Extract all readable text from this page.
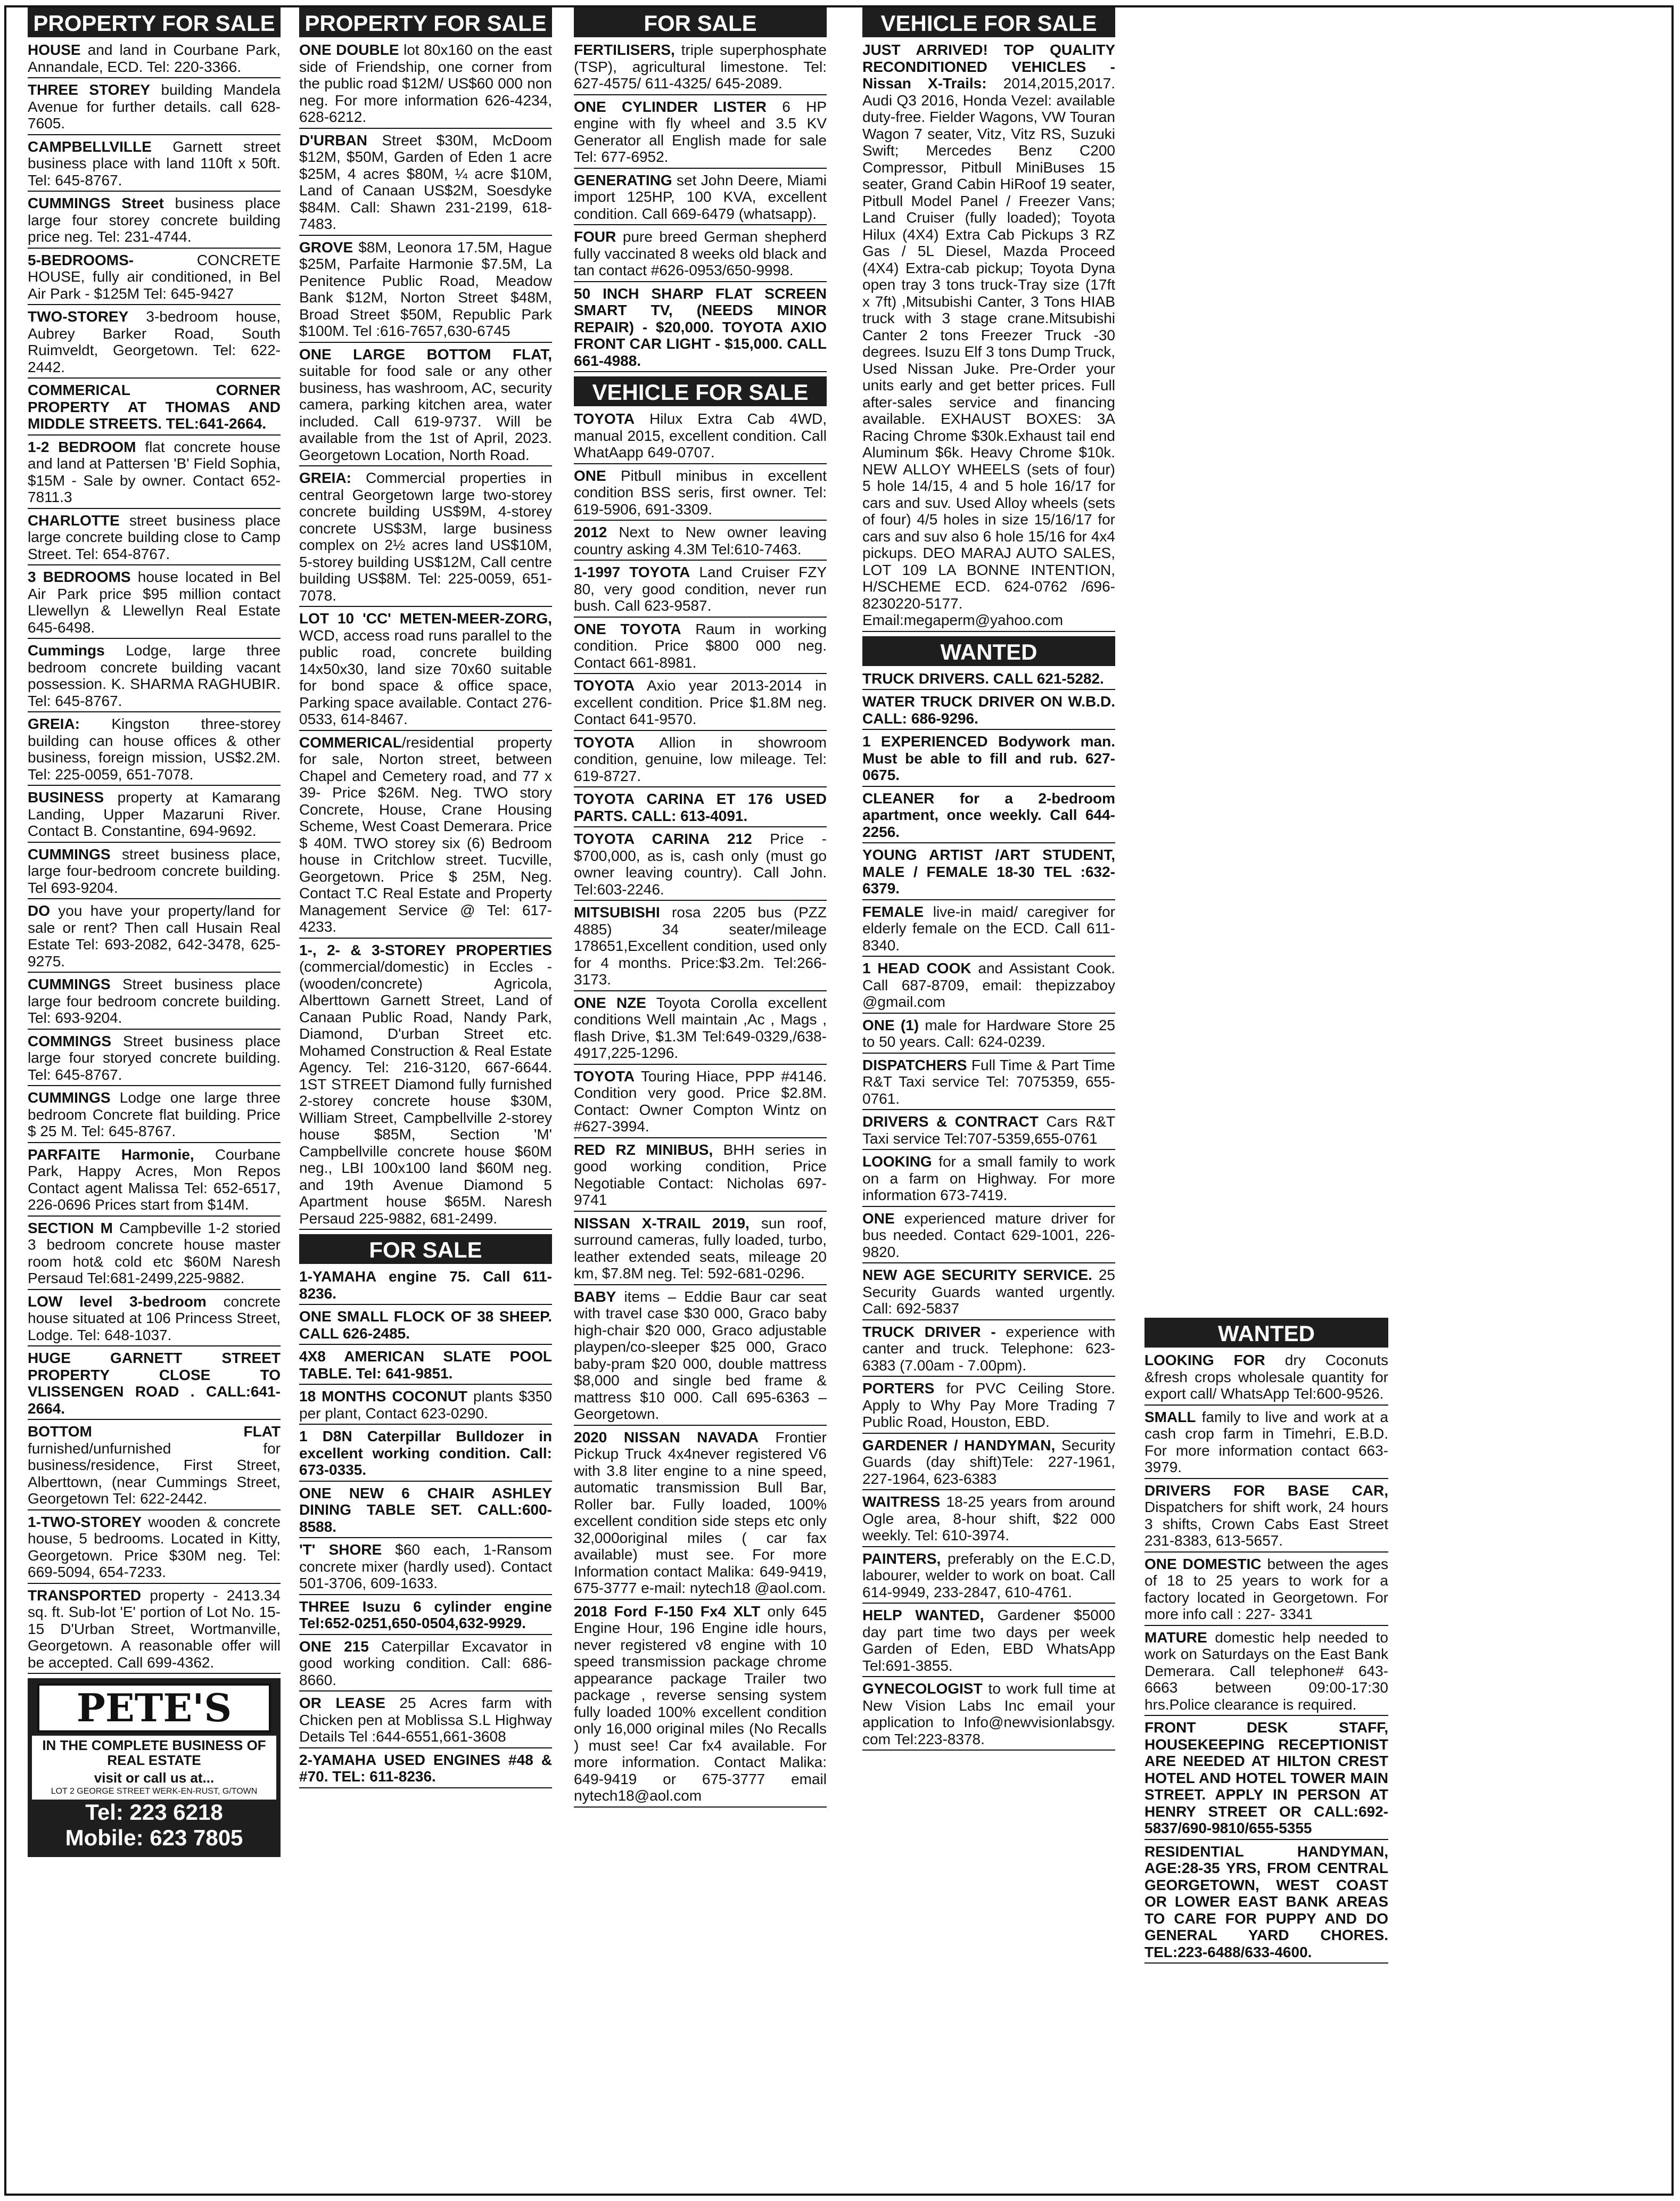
PROPERTY FOR SALE
HOUSE and land in Courbane Park, Annandale, ECD. Tel: 220-3366.
THREE STOREY building Mandela Avenue for further details. call 628-7605.
CAMPBELLVILLE Garnett street business place with land 110ft x 50ft. Tel: 645-8767.
CUMMINGS Street business place large four storey concrete building price neg. Tel: 231-4744.
5-BEDROOMS- CONCRETE HOUSE, fully air conditioned, in Bel Air Park - $125M Tel: 645-9427
TWO-STOREY 3-bedroom house, Aubrey Barker Road, South Ruimveldt, Georgetown. Tel: 622-2442.
COMMERICAL CORNER PROPERTY AT THOMAS AND MIDDLE STREETS. TEL:641-2664.
1-2 BEDROOM flat concrete house and land at Pattersen 'B' Field Sophia, $15M - Sale by owner. Contact 652-7811.3
CHARLOTTE street business place large concrete building close to Camp Street. Tel: 654-8767.
3 BEDROOMS house located in Bel Air Park price $95 million contact Llewellyn & Llewellyn Real Estate 645-6498.
Cummings Lodge, large three bedroom concrete building vacant possession. K. SHARMA RAGHUBIR. Tel: 645-8767.
GREIA: Kingston three-storey building can house offices & other business, foreign mission, US$2.2M. Tel: 225-0059, 651-7078.
BUSINESS property at Kamarang Landing, Upper Mazaruni River. Contact B. Constantine, 694-9692.
CUMMINGS street business place, large four-bedroom concrete building. Tel 693-9204.
DO you have your property/land for sale or rent? Then call Husain Real Estate Tel: 693-2082, 642-3478, 625-9275.
CUMMINGS Street business place large four bedroom concrete building. Tel: 693-9204.
COMMINGS Street business place large four storyed concrete building. Tel: 645-8767.
CUMMINGS Lodge one large three bedroom Concrete flat building. Price $ 25 M. Tel: 645-8767.
PARFAITE Harmonie, Courbane Park, Happy Acres, Mon Repos Contact agent Malissa Tel: 652-6517, 226-0696 Prices start from $14M.
SECTION M Campbeville 1-2 storied 3 bedroom concrete house master room hot& cold etc $60M Naresh Persaud Tel:681-2499,225-9882.
LOW level 3-bedroom concrete house situated at 106 Princess Street, Lodge. Tel: 648-1037.
HUGE GARNETT STREET PROPERTY CLOSE TO VLISSENGEN ROAD . CALL:641-2664.
BOTTOM FLAT furnished/unfurnished for business/residence, First Street, Alberttown, (near Cummings Street, Georgetown Tel: 622-2442.
1-TWO-STOREY wooden & concrete house, 5 bedrooms. Located in Kitty, Georgetown. Price $30M neg. Tel: 669-5094, 654-7233.
TRANSPORTED property - 2413.34 sq. ft. Sub-lot 'E' portion of Lot No. 15-15 D'Urban Street, Wortmanville, Georgetown. A reasonable offer will be accepted. Call 699-4362.
PETE'S
IN THE COMPLETE BUSINESS OF REAL ESTATE
visit or call us at...
LOT 2 GEORGE STREET WERK-EN-RUST, G/TOWN
Tel: 223 6218
Mobile: 623 7805
PROPERTY FOR SALE
ONE DOUBLE lot 80x160 on the east side of Friendship, one corner from the public road $12M/ US$60 000 non neg. For more information 626-4234, 628-6212.
D'URBAN Street $30M, McDoom $12M, $50M, Garden of Eden 1 acre $25M, 4 acres $80M, ¼ acre $10M, Land of Canaan US$2M, Soesdyke $84M. Call: Shawn 231-2199, 618-7483.
GROVE $8M, Leonora 17.5M, Hague $25M, Parfaite Harmonie $7.5M, La Penitence Public Road, Meadow Bank $12M, Norton Street $48M, Broad Street $50M, Republic Park $100M. Tel :616-7657,630-6745
ONE LARGE BOTTOM FLAT, suitable for food sale or any other business, has washroom, AC, security camera, parking kitchen area, water included. Call 619-9737. Will be available from the 1st of April, 2023. Georgetown Location, North Road.
GREIA: Commercial properties in central Georgetown large two-storey concrete building US$9M, 4-storey concrete US$3M, large business complex on 2½ acres land US$10M, 5-storey building US$12M, Call centre building US$8M. Tel: 225-0059, 651-7078.
LOT 10 'CC' METEN-MEER-ZORG, WCD, access road runs parallel to the public road, concrete building 14x50x30, land size 70x60 suitable for bond space & office space, Parking space available. Contact 276-0533, 614-8467.
COMMERICAL/residential property for sale, Norton street, between Chapel and Cemetery road, and 77 x 39- Price $26M. Neg. TWO story Concrete, House, Crane Housing Scheme, West Coast Demerara. Price $ 40M. TWO storey six (6) Bedroom house in Critchlow street. Tucville, Georgetown. Price $ 25M, Neg. Contact T.C Real Estate and Property Management Service @ Tel: 617-4233.
1-, 2- & 3-STOREY PROPERTIES (commercial/domestic) in Eccles - (wooden/concrete) Agricola, Alberttown Garnett Street, Land of Canaan Public Road, Nandy Park, Diamond, D'urban Street etc. Mohamed Construction & Real Estate Agency. Tel: 216-3120, 667-6644. 1ST STREET Diamond fully furnished 2-storey concrete house $30M, William Street, Campbellville 2-storey house $85M, Section 'M' Campbellville concrete house $60M neg., LBI 100x100 land $60M neg. and 19th Avenue Diamond 5 Apartment house $65M. Naresh Persaud 225-9882, 681-2499.
FOR SALE
1-YAMAHA engine 75. Call 611-8236.
ONE SMALL FLOCK OF 38 SHEEP. CALL 626-2485.
4X8 AMERICAN SLATE POOL TABLE. Tel: 641-9851.
18 MONTHS COCONUT plants $350 per plant, Contact 623-0290.
1 D8N Caterpillar Bulldozer in excellent working condition. Call: 673-0335.
ONE NEW 6 CHAIR ASHLEY DINING TABLE SET. CALL:600-8588.
'T' SHORE $60 each, 1-Ransom concrete mixer (hardly used). Contact 501-3706, 609-1633.
THREE Isuzu 6 cylinder engine Tel:652-0251,650-0504,632-9929.
ONE 215 Caterpillar Excavator in good working condition. Call: 686-8660.
OR LEASE 25 Acres farm with Chicken pen at Moblissa S.L Highway Details Tel :644-6551,661-3608
2-YAMAHA USED ENGINES #48 & #70. TEL: 611-8236.
FOR SALE
FERTILISERS, triple superphosphate (TSP), agricultural limestone. Tel: 627-4575/ 611-4325/ 645-2089.
ONE CYLINDER LISTER 6 HP engine with fly wheel and 3.5 KV Generator all English made for sale Tel: 677-6952.
GENERATING set John Deere, Miami import 125HP, 100 KVA, excellent condition. Call 669-6479 (whatsapp).
FOUR pure breed German shepherd fully vaccinated 8 weeks old black and tan contact #626-0953/650-9998.
50 INCH SHARP FLAT SCREEN SMART TV, (NEEDS MINOR REPAIR) - $20,000. TOYOTA AXIO FRONT CAR LIGHT - $15,000. CALL 661-4988.
VEHICLE FOR SALE
TOYOTA Hilux Extra Cab 4WD, manual 2015, excellent condition. Call WhatAapp 649-0707.
ONE Pitbull minibus in excellent condition BSS seris, first owner. Tel: 619-5906, 691-3309.
2012 Next to New owner leaving country asking 4.3M Tel:610-7463.
1-1997 TOYOTA Land Cruiser FZY 80, very good condition, never run bush. Call 623-9587.
ONE TOYOTA Raum in working condition. Price $800 000 neg. Contact 661-8981.
TOYOTA Axio year 2013-2014 in excellent condition. Price $1.8M neg. Contact 641-9570.
TOYOTA Allion in showroom condition, genuine, low mileage. Tel: 619-8727.
TOYOTA CARINA ET 176 USED PARTS. CALL: 613-4091.
TOYOTA CARINA 212 Price - $700,000, as is, cash only (must go owner leaving country). Call John. Tel:603-2246.
MITSUBISHI rosa 2205 bus (PZZ 4885) 34 seater/mileage 178651,Excellent condition, used only for 4 months. Price:$3.2m. Tel:266-3173.
ONE NZE Toyota Corolla excellent conditions Well maintain ,Ac , Mags , flash Drive, $1.3M Tel:649-0329,/638-4917,225-1296.
TOYOTA Touring Hiace, PPP #4146. Condition very good. Price $2.8M. Contact: Owner Compton Wintz on #627-3994.
RED RZ MINIBUS, BHH series in good working condition, Price Negotiable Contact: Nicholas 697-9741
NISSAN X-TRAIL 2019, sun roof, surround cameras, fully loaded, turbo, leather extended seats, mileage 20 km, $7.8M neg. Tel: 592-681-0296.
BABY items – Eddie Baur car seat with travel case $30 000, Graco baby high-chair $20 000, Graco adjustable playpen/co-sleeper $25 000, Graco baby-pram $20 000, double mattress $8,000 and single bed frame & mattress $10 000. Call 695-6363 – Georgetown.
2020 NISSAN NAVADA Frontier Pickup Truck 4x4never registered V6 with 3.8 liter engine to a nine speed, automatic transmission Bull Bar, Roller bar. Fully loaded, 100% excellent condition side steps etc only 32,000original miles ( car fax available) must see. For more Information contact Malika: 649-9419, 675-3777 e-mail: nytech18 @aol.com.
2018 Ford F-150 Fx4 XLT only 645 Engine Hour, 196 Engine idle hours, never registered v8 engine with 10 speed transmission package chrome appearance package Trailer two package , reverse sensing system fully loaded 100% excellent condition only 16,000 original miles (No Recalls ) must see! Car fx4 available. For more information. Contact Malika: 649-9419 or 675-3777 email nytech18@aol.com
VEHICLE FOR SALE
JUST ARRIVED! TOP QUALITY RECONDITIONED VEHICLES - Nissan X-Trails: 2014,2015,2017. Audi Q3 2016, Honda Vezel: available duty-free. Fielder Wagons, VW Touran Wagon 7 seater, Vitz, Vitz RS, Suzuki Swift; Mercedes Benz C200 Compressor, Pitbull MiniBuses 15 seater, Grand Cabin HiRoof 19 seater, Pitbull Model Panel / Freezer Vans; Land Cruiser (fully loaded); Toyota Hilux (4X4) Extra Cab Pickups 3 RZ Gas / 5L Diesel, Mazda Proceed (4X4) Extra-cab pickup; Toyota Dyna open tray 3 tons truck-Tray size (17ft x 7ft) ,Mitsubishi Canter, 3 Tons HIAB truck with 3 stage crane.Mitsubishi Canter 2 tons Freezer Truck -30 degrees. Isuzu Elf 3 tons Dump Truck, Used Nissan Juke. Pre-Order your units early and get better prices. Full after-sales service and financing available. EXHAUST BOXES: 3A Racing Chrome $30k.Exhaust tail end Aluminum $6k. Heavy Chrome $10k. NEW ALLOY WHEELS (sets of four) 5 hole 14/15, 4 and 5 hole 16/17 for cars and suv. Used Alloy wheels (sets of four) 4/5 holes in size 15/16/17 for cars and suv also 6 hole 15/16 for 4x4 pickups. DEO MARAJ AUTO SALES, LOT 109 LA BONNE INTENTION, H/SCHEME ECD. 624-0762 /696-8230220-5177. Email:megaperm@yahoo.com
WANTED
TRUCK DRIVERS. CALL 621-5282.
WATER TRUCK DRIVER ON W.B.D. CALL: 686-9296.
1 EXPERIENCED Bodywork man. Must be able to fill and rub. 627-0675.
CLEANER for a 2-bedroom apartment, once weekly. Call 644-2256.
YOUNG ARTIST /ART STUDENT, MALE / FEMALE 18-30 TEL :632-6379.
FEMALE live-in maid/ caregiver for elderly female on the ECD. Call 611-8340.
1 HEAD COOK and Assistant Cook. Call 687-8709, email: thepizzaboy @gmail.com
ONE (1) male for Hardware Store 25 to 50 years. Call: 624-0239.
DISPATCHERS Full Time & Part Time R&T Taxi service Tel: 7075359, 655-0761.
DRIVERS & CONTRACT Cars R&T Taxi service Tel:707-5359,655-0761
LOOKING for a small family to work on a farm on Highway. For more information 673-7419.
ONE experienced mature driver for bus needed. Contact 629-1001, 226-9820.
NEW AGE SECURITY SERVICE. 25 Security Guards wanted urgently. Call: 692-5837
TRUCK DRIVER - experience with canter and truck. Telephone: 623-6383 (7.00am - 7.00pm).
PORTERS for PVC Ceiling Store. Apply to Why Pay More Trading 7 Public Road, Houston, EBD.
GARDENER / HANDYMAN, Security Guards (day shift)Tele: 227-1961, 227-1964, 623-6383
WAITRESS 18-25 years from around Ogle area, 8-hour shift, $22 000 weekly. Tel: 610-3974.
PAINTERS, preferably on the E.C.D, labourer, welder to work on boat. Call 614-9949, 233-2847, 610-4761.
HELP WANTED, Gardener $5000 day part time two days per week Garden of Eden, EBD WhatsApp Tel:691-3855.
GYNECOLOGIST to work full time at New Vision Labs Inc email your application to Info@newvisionlabsgy. com Tel:223-8378.
WANTED
LOOKING FOR dry Coconuts &fresh crops wholesale quantity for export call/ WhatsApp Tel:600-9526.
SMALL family to live and work at a cash crop farm in Timehri, E.B.D. For more information contact 663-3979.
DRIVERS FOR BASE CAR, Dispatchers for shift work, 24 hours 3 shifts, Crown Cabs East Street 231-8383, 613-5657.
ONE DOMESTIC between the ages of 18 to 25 years to work for a factory located in Georgetown. For more info call : 227- 3341
MATURE domestic help needed to work on Saturdays on the East Bank Demerara. Call telephone# 643-6663 between 09:00-17:30 hrs.Police clearance is required.
FRONT DESK STAFF, HOUSEKEEPING RECEPTIONIST ARE NEEDED AT HILTON CREST HOTEL AND HOTEL TOWER MAIN STREET. APPLY IN PERSON AT HENRY STREET OR CALL:692-5837/690-9810/655-5355
RESIDENTIAL HANDYMAN, AGE:28-35 YRS, FROM CENTRAL GEORGETOWN, WEST COAST OR LOWER EAST BANK AREAS TO CARE FOR PUPPY AND DO GENERAL YARD CHORES. TEL:223-6488/633-4600.
